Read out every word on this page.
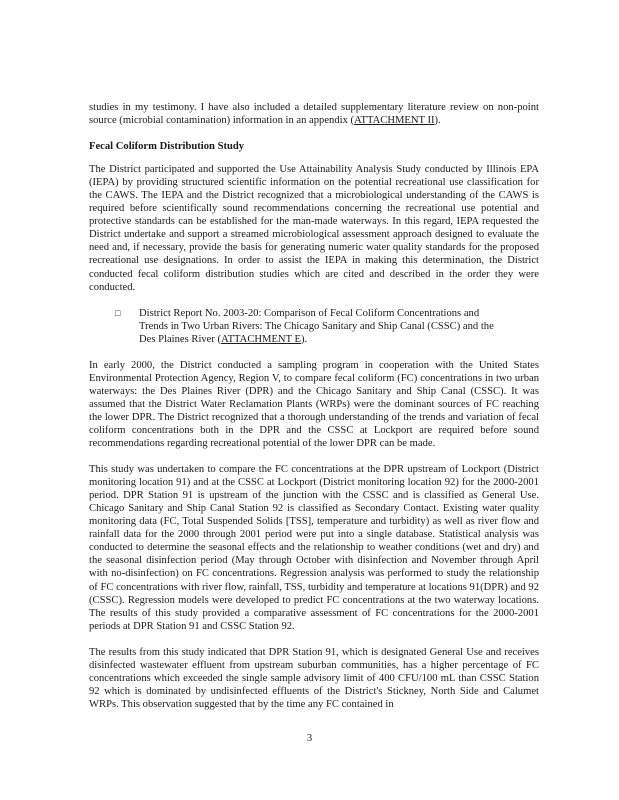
studies in my testimony. I have also included a detailed supplementary literature review on non-point source (microbial contamination) information in an appendix (ATTACHMENT II).

Fecal Coliform Distribution Study

The District participated and supported the Use Attainability Analysis Study conducted by Illinois EPA (IEPA) by providing structured scientific information on the potential recreational use classification for the CAWS. The IEPA and the District recognized that a microbiological understanding of the CAWS is required before scientifically sound recommendations concerning the recreational use potential and protective standards can be established for the man-made waterways. In this regard, IEPA requested the District undertake and support a streamed microbiological assessment approach designed to evaluate the need and, if necessary, provide the basis for generating numeric water quality standards for the proposed recreational use designations. In order to assist the IEPA in making this determination, the District conducted fecal coliform distribution studies which are cited and described in the order they were conducted.

□	District Report No. 2003-20: Comparison of Fecal Coliform Concentrations and Trends in Two Urban Rivers: The Chicago Sanitary and Ship Canal (CSSC) and the Des Plaines River (ATTACHMENT E).

In early 2000, the District conducted a sampling program in cooperation with the United States Environmental Protection Agency, Region V, to compare fecal coliform (FC) concentrations in two urban waterways: the Des Plaines River (DPR) and the Chicago Sanitary and Ship Canal (CSSC). It was assumed that the District Water Reclamation Plants (WRPs) were the dominant sources of FC reaching the lower DPR. The District recognized that a thorough understanding of the trends and variation of fecal coliform concentrations both in the DPR and the CSSC at Lockport are required before sound recommendations regarding recreational potential of the lower DPR can be made.

This study was undertaken to compare the FC concentrations at the DPR upstream of Lockport (District monitoring location 91) and at the CSSC at Lockport (District monitoring location 92) for the 2000-2001 period. DPR Station 91 is upstream of the junction with the CSSC and is classified as General Use. Chicago Sanitary and Ship Canal Station 92 is classified as Secondary Contact. Existing water quality monitoring data (FC, Total Suspended Solids [TSS], temperature and turbidity) as well as river flow and rainfall data for the 2000 through 2001 period were put into a single database. Statistical analysis was conducted to determine the seasonal effects and the relationship to weather conditions (wet and dry) and the seasonal disinfection period (May through October with disinfection and November through April with no-disinfection) on FC concentrations. Regression analysis was performed to study the relationship of FC concentrations with river flow, rainfall, TSS, turbidity and temperature at locations 91(DPR) and 92 (CSSC). Regression models were developed to predict FC concentrations at the two waterway locations. The results of this study provided a comparative assessment of FC concentrations for the 2000-2001 periods at DPR Station 91 and CSSC Station 92.

The results from this study indicated that DPR Station 91, which is designated General Use and receives disinfected wastewater effluent from upstream suburban communities, has a higher percentage of FC concentrations which exceeded the single sample advisory limit of 400 CFU/100 mL than CSSC Station 92 which is dominated by undisinfected effluents of the District's Stickney, North Side and Calumet WRPs. This observation suggested that by the time any FC contained in

3
